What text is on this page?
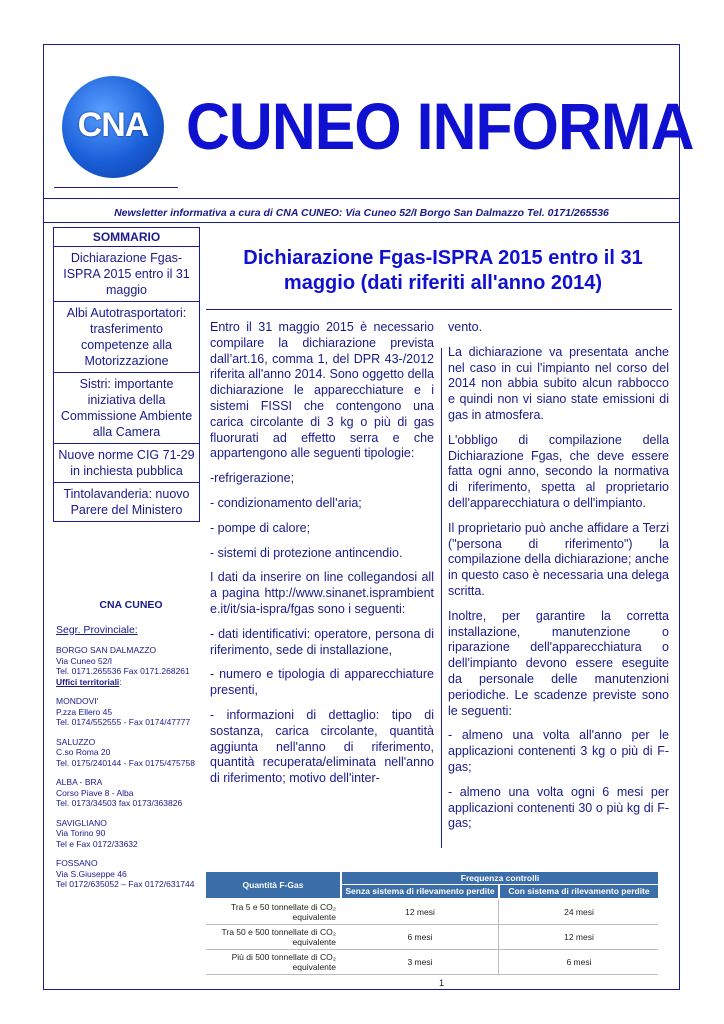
CNA CUNEO INFORMA
Newsletter informativa a cura di CNA CUNEO: Via Cuneo 52/I Borgo San Dalmazzo Tel. 0171/265536
SOMMARIO
Dichiarazione Fgas-ISPRA 2015 entro il 31 maggio
Albi Autotrasportatori: trasferimento competenze alla Motorizzazione
Sistri: importante iniziativa della Commissione Ambiente alla Camera
Nuove norme CIG 71-29 in inchiesta pubblica
Tintolavanderia: nuovo Parere del Ministero
CNA CUNEO
Segr. Provinciale:

BORGO SAN DALMAZZO
Via Cuneo 52/I
Tel. 0171.265536 Fax 0171.268261
Uffici territoriali:

MONDOVI'
P.zza Ellero 45
Tel. 0174/552555 - Fax 0174/47777

SALUZZO
C.so Roma 20
Tel. 0175/240144 - Fax 0175/475758

ALBA - BRA
Corso Piave 8 - Alba
Tel. 0173/34503 fax 0173/363826

SAVIGLIANO
Via Torino 90
Tel e Fax 0172/33632

FOSSANO
Via S.Giuseppe 46
Tel 0172/635052 – Fax 0172/631744

Dichiarazione Fgas-ISPRA 2015 entro il 31 maggio (dati riferiti all'anno 2014)

Entro il 31 maggio 2015 è necessario compilare la dichiarazione prevista dall’art.16, comma 1, del DPR 43-/2012 riferita all'anno 2014. Sono oggetto della dichiarazione le apparecchiature e i sistemi FISSI che contengono una carica circolante di 3 kg o più di gas fluorurati ad effetto serra e che appartengono alle seguenti tipologie:

-refrigerazione;

- condizionamento dell'aria;

- pompe di calore;

- sistemi di protezione antincendio.

I dati da inserire on line collegandosi alla pagina http://www.sinanet.isprambiente.it/it/sia-ispra/fgas sono i seguenti:

- dati identificativi: operatore, persona di riferimento, sede di installazione,

- numero e tipologia di apparecchiature presenti,

- informazioni di dettaglio: tipo di sostanza, carica circolante, quantità aggiunta nell'anno di riferimento, quantità recuperata/eliminata nell'anno di riferimento; motivo dell'inter-

vento.

La dichiarazione va presentata anche nel caso in cui l'impianto nel corso del 2014 non abbia subito alcun rabbocco e quindi non vi siano state emissioni di gas in atmosfera.

L'obbligo di compilazione della Dichiarazione Fgas, che deve essere fatta ogni anno, secondo la normativa di riferimento, spetta al proprietario dell'apparecchiatura o dell'impianto.

Il proprietario può anche affidare a Terzi ("persona di riferimento") la compilazione della dichiarazione; anche in questo caso è necessaria una delega scritta.

Inoltre, per garantire la corretta installazione, manutenzione o riparazione dell'apparecchiatura o dell'impianto devono essere eseguite da personale delle manutenzioni periodiche. Le scadenze previste sono le seguenti:

- almeno una volta all'anno per le applicazioni contenenti 3 kg o più di F-gas;

- almeno una volta ogni 6 mesi per applicazioni contenenti 30 o più kg di F-gas;

Quantità F-Gas
Frequenza controlli
Senza sistema di rilevamento perdite	Con sistema di rilevamento perdite
Tra 5 e 50 tonnellate di CO₂ equivalente	12 mesi	24 mesi
Tra 50 e 500 tonnellate di CO₂ equivalente	6 mesi	12 mesi
Più di 500 tonnellate di CO₂ equivalente	3 mesi	6 mesi
1
